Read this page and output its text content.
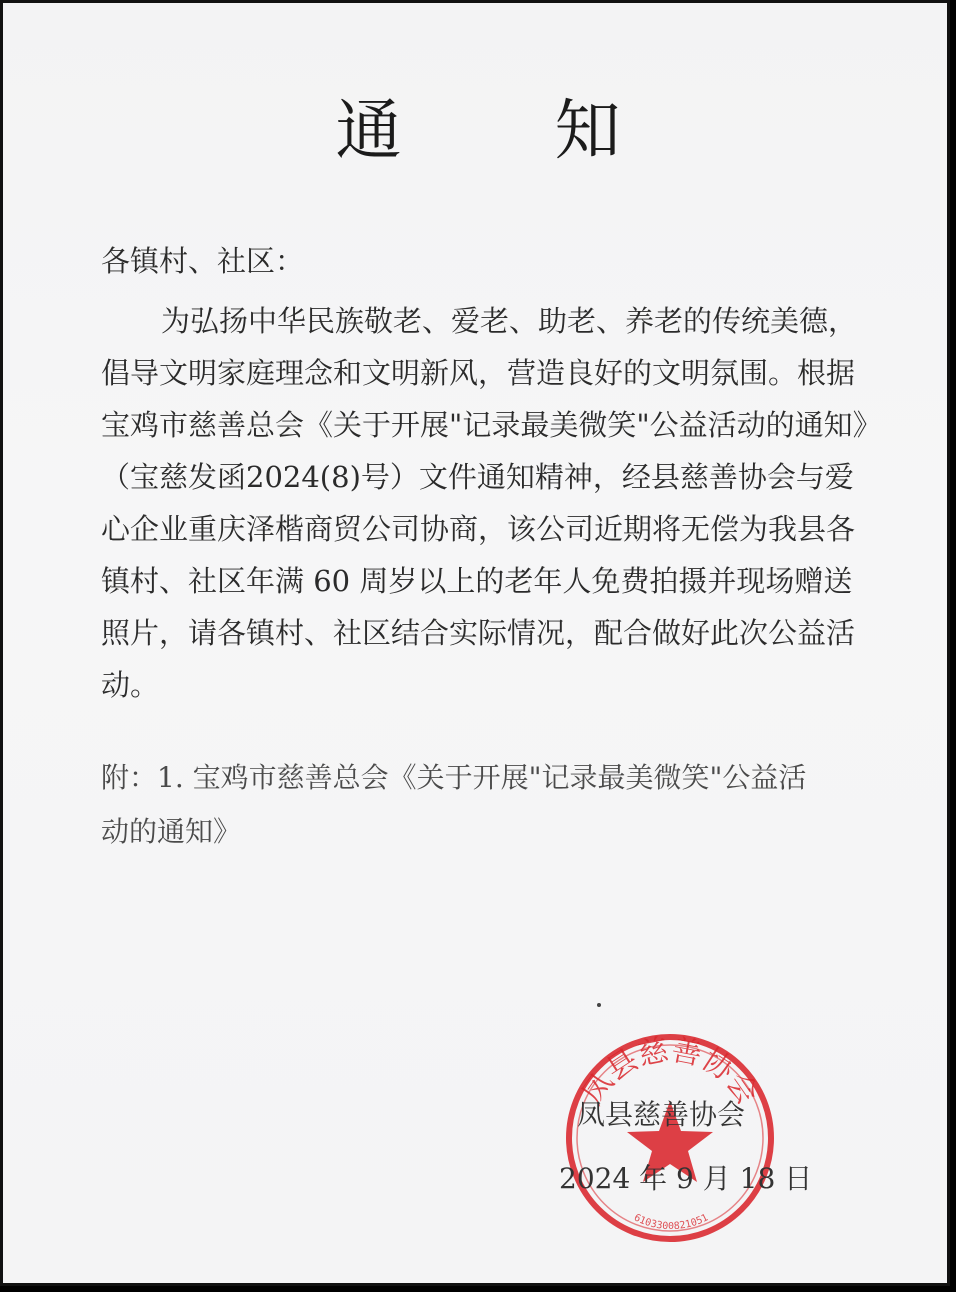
通 知
各镇村、社区：
为弘扬中华民族敬老、爱老、助老、养老的传统美德，
倡导文明家庭理念和文明新风，营造良好的文明氛围。根据
宝鸡市慈善总会《关于开展"记录最美微笑"公益活动的通知》
（宝慈发函2024(8)号）文件通知精神，经县慈善协会与爱
心企业重庆泽楷商贸公司协商，该公司近期将无偿为我县各
镇村、社区年满 60 周岁以上的老年人免费拍摄并现场赠送
照片，请各镇村、社区结合实际情况，配合做好此次公益活
动。
附：1. 宝鸡市慈善总会《关于开展"记录最美微笑"公益活
动的通知》
凤县慈善协会
6103300821051
凤县慈善协会
2024 年 9 月 18 日
